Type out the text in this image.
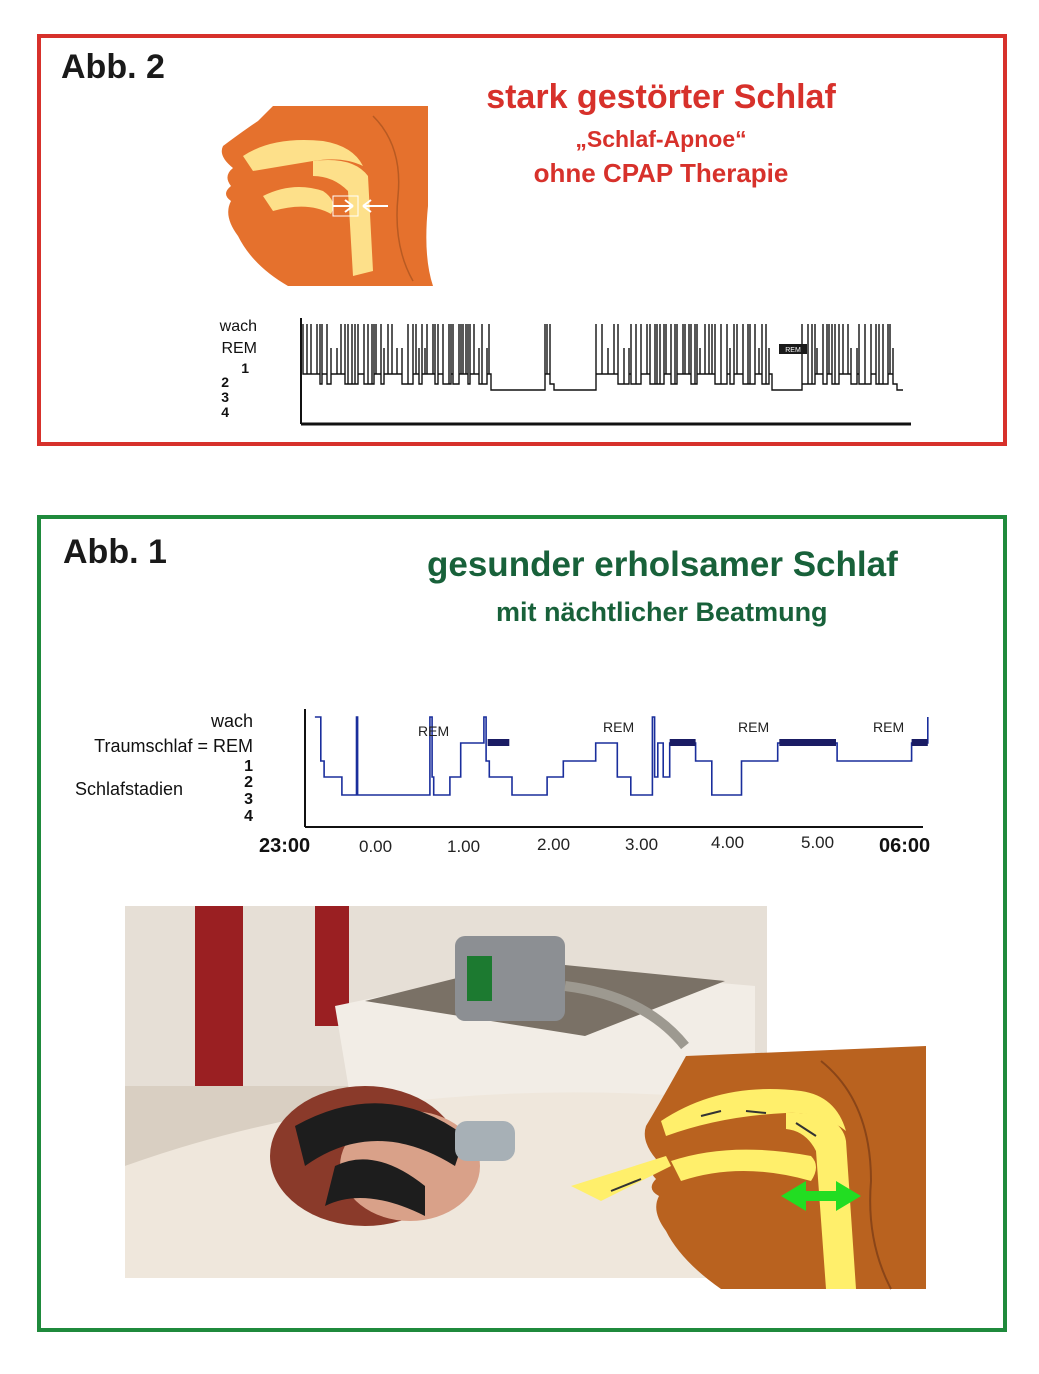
Abb. 2
stark gestörter Schlaf
„Schlaf-Apnoe“
ohne CPAP Therapie
wach
REM
1
2
3
4
REM
Abb. 1	gesunder erholsamer Schlaf
mit nächtlicher Beatmung
wach
Traumschlaf = REM
Schlafstadien
1
2
3
4
23:00	0.00	1.00	2.00	3.00	4.00	5.00 06:00
REM	REM	REM	REM
